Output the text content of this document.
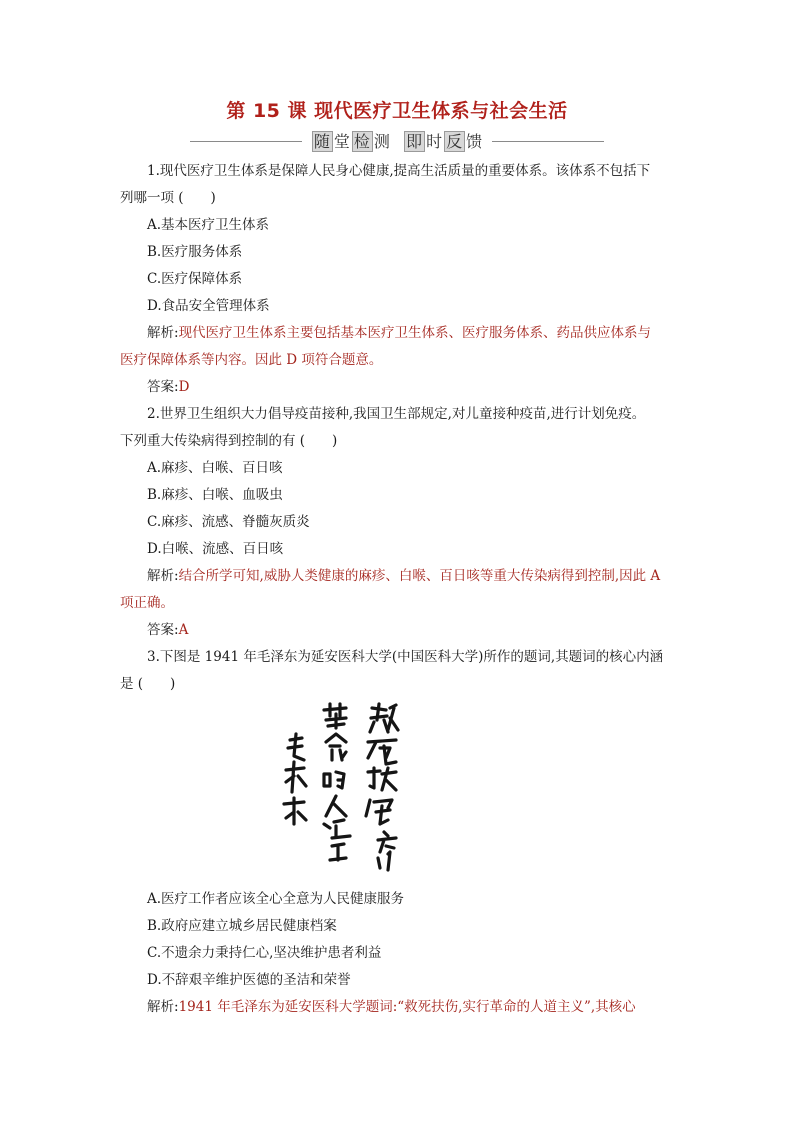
第 15 课 现代医疗卫生体系与社会生活
随 堂 检 测 即 时 反 馈
1.现代医疗卫生体系是保障人民身心健康,提高生活质量的重要体系。该体系不包括下
列哪一项 (　　)
A.基本医疗卫生体系
B.医疗服务体系
C.医疗保障体系
D.食品安全管理体系
解析:现代医疗卫生体系主要包括基本医疗卫生体系、医疗服务体系、药品供应体系与
医疗保障体系等内容。因此 D 项符合题意。
答案:D
2.世界卫生组织大力倡导疫苗接种,我国卫生部规定,对儿童接种疫苗,进行计划免疫。
下列重大传染病得到控制的有 (　　)
A.麻疹、白喉、百日咳
B.麻疹、白喉、血吸虫
C.麻疹、流感、脊髓灰质炎
D.白喉、流感、百日咳
解析:结合所学可知,威胁人类健康的麻疹、白喉、百日咳等重大传染病得到控制,因此 A
项正确。
答案:A
3.下图是 1941 年毛泽东为延安医科大学(中国医科大学)所作的题词,其题词的核心内涵
是 (　　)
A.医疗工作者应该全心全意为人民健康服务
B.政府应建立城乡居民健康档案
C.不遗余力秉持仁心,坚决维护患者利益
D.不辞艰辛维护医德的圣洁和荣誉
解析:1941 年毛泽东为延安医科大学题词:“救死扶伤,实行革命的人道主义”,其核心
